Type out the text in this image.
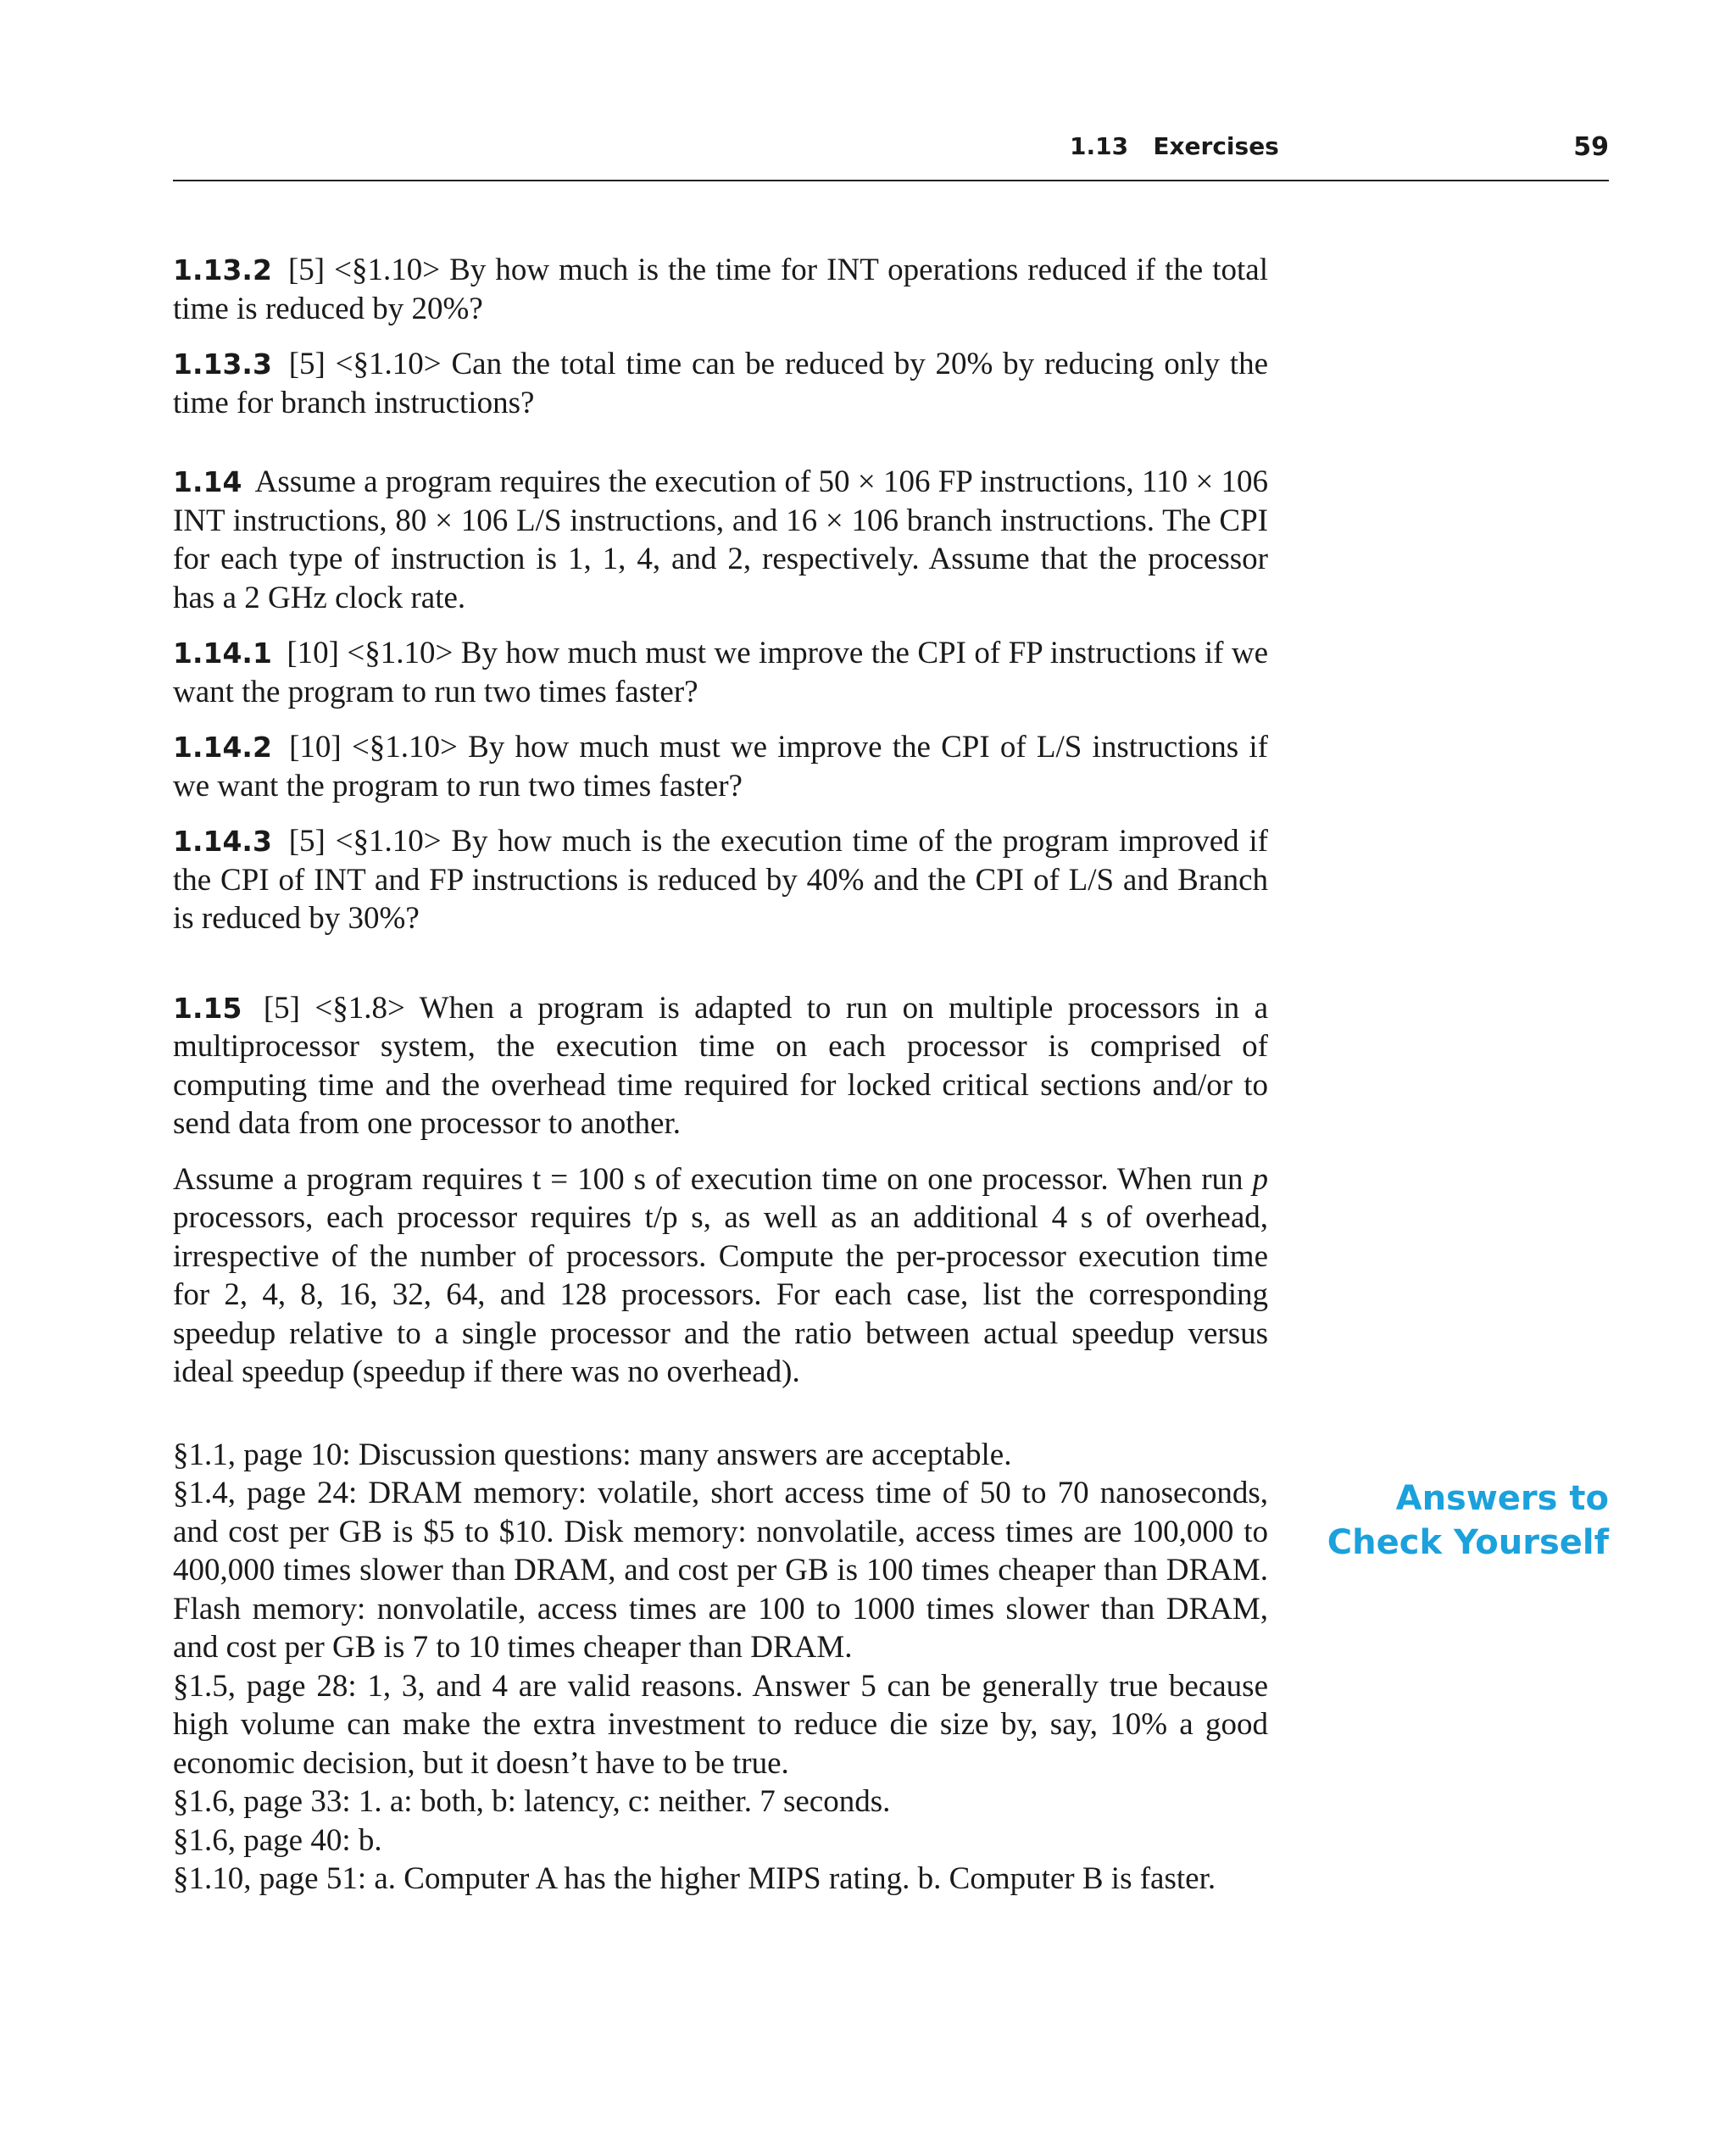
1.13 Exercises	59

1.13.2 [5] <§1.10> By how much is the time for INT operations reduced if the total time is reduced by 20%?

1.13.3 [5] <§1.10> Can the total time can be reduced by 20% by reducing only the time for branch instructions?

1.14 Assume a program requires the execution of 50 × 106 FP instructions, 110 × 106 INT instructions, 80 × 106 L/S instructions, and 16 × 106 branch instructions. The CPI for each type of instruction is 1, 1, 4, and 2, respectively. Assume that the processor has a 2 GHz clock rate.

1.14.1 [10] <§1.10> By how much must we improve the CPI of FP instructions if we want the program to run two times faster?

1.14.2 [10] <§1.10> By how much must we improve the CPI of L/S instructions if we want the program to run two times faster?

1.14.3 [5] <§1.10> By how much is the execution time of the program improved if the CPI of INT and FP instructions is reduced by 40% and the CPI of L/S and Branch is reduced by 30%?

1.15 [5] <§1.8> When a program is adapted to run on multiple processors in a multiprocessor system, the execution time on each processor is comprised of computing time and the overhead time required for locked critical sections and/or to send data from one processor to another.

Assume a program requires t = 100 s of execution time on one processor. When run p processors, each processor requires t/p s, as well as an additional 4 s of overhead, irrespective of the number of processors. Compute the per-processor execution time for 2, 4, 8, 16, 32, 64, and 128 processors. For each case, list the corresponding speedup relative to a single processor and the ratio between actual speedup versus ideal speedup (speedup if there was no overhead).

§1.1, page 10: Discussion questions: many answers are acceptable.
§1.4, page 24: DRAM memory: volatile, short access time of 50 to 70 nanoseconds, and cost per GB is $5 to $10. Disk memory: nonvolatile, access times are 100,000 to 400,000 times slower than DRAM, and cost per GB is 100 times cheaper than DRAM. Flash memory: nonvolatile, access times are 100 to 1000 times slower than DRAM, and cost per GB is 7 to 10 times cheaper than DRAM.
§1.5, page 28: 1, 3, and 4 are valid reasons. Answer 5 can be generally true because high volume can make the extra investment to reduce die size by, say, 10% a good economic decision, but it doesn’t have to be true.
§1.6, page 33: 1. a: both, b: latency, c: neither. 7 seconds.
§1.6, page 40: b.
§1.10, page 51: a. Computer A has the higher MIPS rating. b. Computer B is faster.
Answers to
Check Yourself
